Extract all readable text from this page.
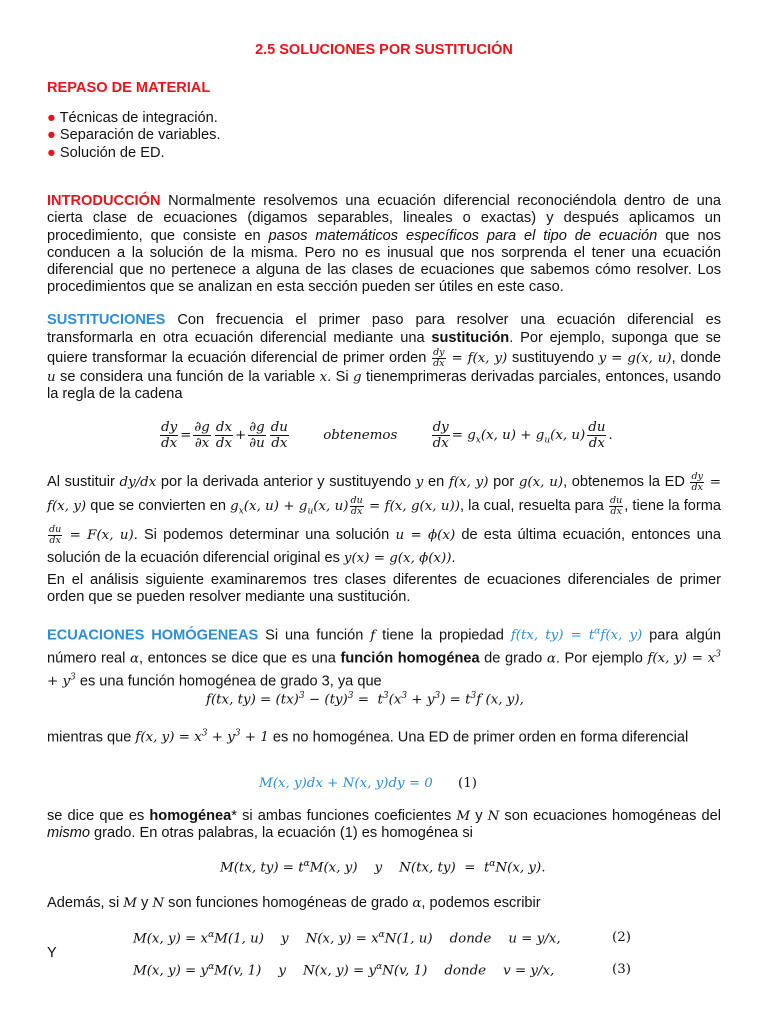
2.5 SOLUCIONES POR SUSTITUCIÓN
REPASO DE MATERIAL
● Técnicas de integración.
● Separación de variables.
● Solución de ED.
INTRODUCCIÓN Normalmente resolvemos una ecuación diferencial reconociéndola dentro de una cierta clase de ecuaciones (digamos separables, lineales o exactas) y después aplicamos un procedimiento, que consiste en pasos matemáticos específicos para el tipo de ecuación que nos conducen a la solución de la misma. Pero no es inusual que nos sorprenda el tener una ecuación diferencial que no pertenece a alguna de las clases de ecuaciones que sabemos cómo resolver. Los procedimientos que se analizan en esta sección pueden ser útiles en este caso.
SUSTITUCIONES Con frecuencia el primer paso para resolver una ecuación diferencial es transformarla en otra ecuación diferencial mediante una sustitución. Por ejemplo, suponga que se quiere transformar la ecuación diferencial de primer orden $\frac{dy}{dx} = f(x$, y) sustituyendo y = g(x, u), donde u se considera una función de la variable x. Si g tienemprimeras derivadas parciales, entonces, usando la regla de la cadena
$\frac{dy}{dx} = \frac{\partial g}{\partial x} \frac{dx}{dx} + \frac{\partial g}{\partial u} \frac{du}{dx}$	obtenemos	$\frac{dy}{dx} = g_x(x$, $u) + g_u(x$, $u) \frac{du}{dx}$ .
Al sustituir dy/dx por la derivada anterior y sustituyendo y en f(x, y) por g(x, u), obtenemos la ED $\frac{dy}{dx} = f(x$, y) que se convierten en $g_x(x$, $u) + g_u(x$, $u) \frac{du}{dx} = f(x$, g(x, u)), la cual, resuelta para $\frac{du}{dx}$ , tiene la forma
$\frac{du}{dx} = F(x$, u). Si podemos determinar una solución u = ϕ(x) de esta última ecuación, entonces una solución de la ecuación diferencial original es y(x) = g(x, ϕ(x)).
En el análisis siguiente examinaremos tres clases diferentes de ecuaciones diferenciales de primer orden que se pueden resolver mediante una sustitución.
ECUACIONES HOMÓGENEAS Si una función f tiene la propiedad f(tx, $ty) = t^\alpha f(x$, y) para algún número real α, entonces se dice que es una función homogénea de grado α. Por ejemplo f(x, $y) = x^3 + y^3$ es una función homogénea de grado 3, ya que
f(tx, $ty) = (tx)^3 - (ty)^3 = t^3(x^3 + y^3) = t^3f$ (x, y),
mientras que f(x, $y) = x^3 + y^3 + 1$ es no homogénea. Una ED de primer orden en forma diferencial
M(x, y)dx + N(x, y)dy = 0 (1)
se dice que es homogénea* si ambas funciones coeficientes M y N son ecuaciones homogéneas del mismo grado. En otras palabras, la ecuación (1) es homogénea si
M(tx, $ty) = t^\alpha M(x$, y)    y    N(tx, $ty) = t^\alpha N(x$, y).
Además, si M y N son funciones homogéneas de grado α, podemos escribir
M(x, $y) = x^\alpha M(1$, u)    y    N(x, $y) = x^\alpha N(1$, u)    donde    u = y/x,	(2)
Y
M(x, $y) = y^\alpha M(v$, 1)    y    N(x, $y) = y^\alpha N(v$, 1)    donde    v = y/x,	(3)
